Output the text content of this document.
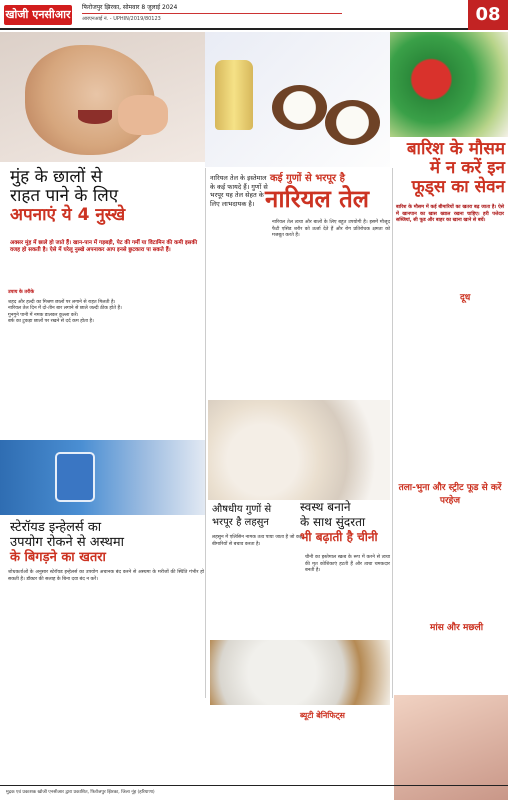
खोजी एनसीआर
फिरोजपुर झिरका, सोमवार 8 जुलाई 2024
आरएनआई नं. - UPHIN/2019/80123	08
मुंह के छालों से
राहत पाने के लिए
अपनाएं ये 4 नुस्खे
अक्सर मुंह में छाले हो जाते हैं। खान-पान में गड़बड़ी, पेट की गर्मी या विटामिन की कमी इसकी वजह हो सकती है। ऐसे में घरेलू नुस्खे अपनाकर आप इनसे छुटकारा पा सकते हैं।
उपाय के तरीके
शहद और हल्दी का मिश्रण छालों पर लगाने से राहत मिलती है।
नारियल तेल दिन में दो-तीन बार लगाने से छाले जल्दी ठीक होते हैं।
गुनगुने पानी में नमक डालकर कुल्ला करें।
बर्फ का टुकड़ा छालों पर रखने से दर्द कम होता है।
स्टेरॉयड इन्हेलर्स का
उपयोग रोकने से अस्थमा
के बिगड़ने का खतरा
शोधकर्ताओं के अनुसार स्टेरॉयड इन्हेलर्स का उपयोग अचानक बंद करने से अस्थमा के मरीजों की स्थिति गंभीर हो सकती है। डॉक्टर की सलाह के बिना दवा बंद न करें।
नारियल तेल के इस्तेमाल के कई फायदे हैं। गुणों से भरपूर यह तेल सेहत के लिए लाभदायक है।
कई गुणों से भरपूर है
नारियल तेल
नारियल तेल त्वचा और बालों के लिए बहुत उपयोगी है। इसमें मौजूद फैटी एसिड शरीर को ऊर्जा देते हैं और रोग प्रतिरोधक क्षमता को मजबूत करते हैं।
औषधीय गुणों से
भरपूर है लहसुन
लहसुन में एलिसिन नामक तत्व पाया जाता है जो कई बीमारियों से बचाव करता है।
स्वस्थ बनाने
के साथ सुंदरता
भी बढ़ाती है चीनी
चीनी का इस्तेमाल स्क्रब के रूप में करने से त्वचा की मृत कोशिकाएं हटती हैं और त्वचा चमकदार बनती है।
ब्यूटी बेनिफिट्स
बारिश के मौसम
में न करें इन
फूड्स का सेवन
बारिश के मौसम में कई बीमारियों का खतरा बढ़ जाता है। ऐसे में खानपान का खास ख्याल रखना चाहिए। हरी पत्तेदार सब्जियां, सी फूड और बाहर का खाना खाने से बचें।
दूध
तला-भुना और स्ट्रीट फूड से करें परहेज
मांस और मछली
मुद्रक एवं प्रकाशक खोजी एनसीआर द्वारा प्रकाशित, फिरोजपुर झिरका, जिला नूंह (हरियाणा)
